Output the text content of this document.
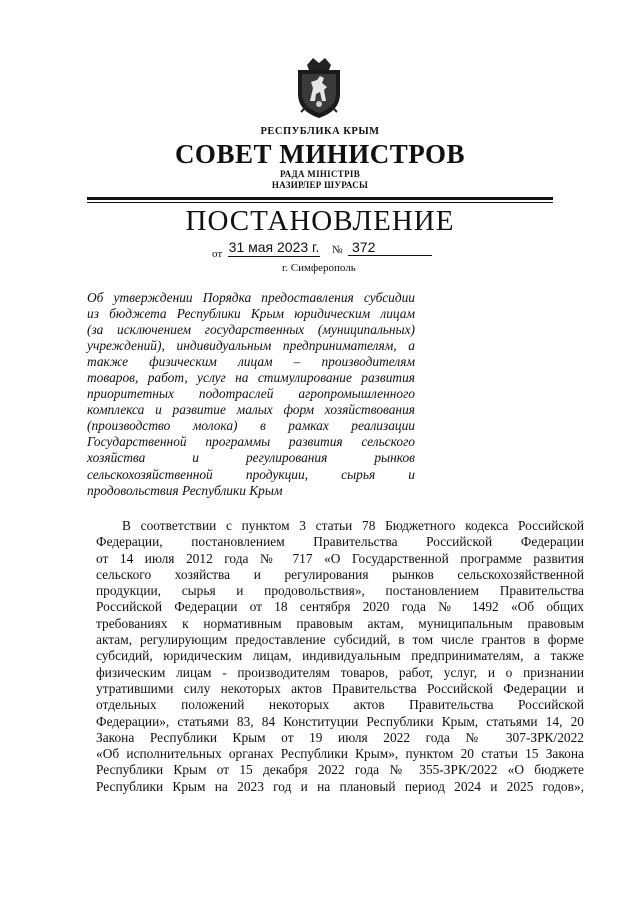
РЕСПУБЛИКА КРЫМ
СОВЕТ МИНИСТРОВ
РАДА МІНІСТРІВ
НАЗИРЛЕР ШУРАСЫ
ПОСТАНОВЛЕНИЕ
от 31 мая 2023 г. № 372
г. Симферополь
Об утверждении Порядка предоставления субсидии
из бюджета Республики Крым юридическим лицам
(за исключением государственных (муниципальных)
учреждений), индивидуальным предпринимателям, а
также физическим лицам – производителям
товаров, работ, услуг на стимулирование развития
приоритетных подотраслей агропромышленного
комплекса и развитие малых форм хозяйствования
(производство молока) в рамках реализации
Государственной программы развития сельского
хозяйства и регулирования рынков
сельскохозяйственной продукции, сырья и
продовольствия Республики Крым
В соответствии с пунктом 3 статьи 78 Бюджетного кодекса Российской
Федерации, постановлением Правительства Российской Федерации
от 14 июля 2012 года № 717 «О Государственной программе развития
сельского хозяйства и регулирования рынков сельскохозяйственной
продукции, сырья и продовольствия», постановлением Правительства
Российской Федерации от 18 сентября 2020 года № 1492 «Об общих
требованиях к нормативным правовым актам, муниципальным правовым
актам, регулирующим предоставление субсидий, в том числе грантов в форме
субсидий, юридическим лицам, индивидуальным предпринимателям, а также
физическим лицам - производителям товаров, работ, услуг, и о признании
утратившими силу некоторых актов Правительства Российской Федерации и
отдельных положений некоторых актов Правительства Российской
Федерации», статьями 83, 84 Конституции Республики Крым, статьями 14, 20
Закона Республики Крым от 19 июля 2022 года № 307-ЗРК/2022
«Об исполнительных органах Республики Крым», пунктом 20 статьи 15 Закона
Республики Крым от 15 декабря 2022 года № 355-ЗРК/2022 «О бюджете
Республики Крым на 2023 год и на плановый период 2024 и 2025 годов»,
